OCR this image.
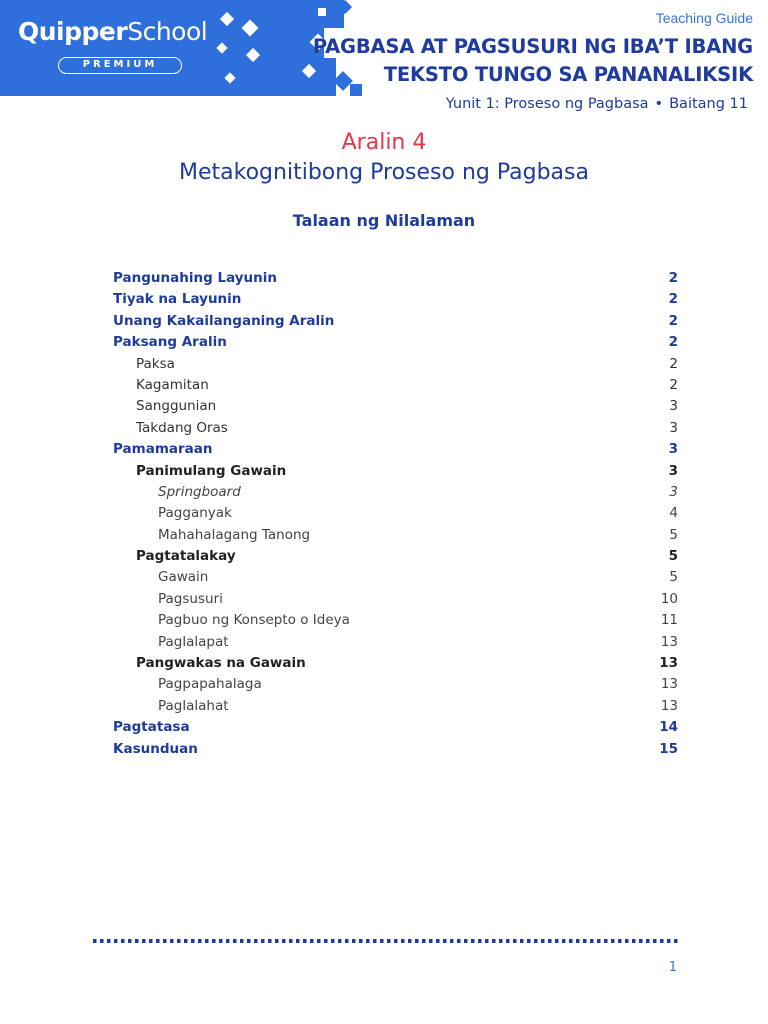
QuipperSchool
PREMIUM
Teaching Guide
PAGBASA AT PAGSUSURI NG IBA’T IBANG
TEKSTO TUNGO SA PANANALIKSIK
Yunit 1: Proseso ng Pagbasa • Baitang 11
Aralin 4
Metakognitibong Proseso ng Pagbasa
Talaan ng Nilalaman
Pangunahing Layunin	2
Tiyak na Layunin	2
Unang Kakailanganing Aralin	2
Paksang Aralin	2
Paksa	2
Kagamitan	2
Sanggunian	3
Takdang Oras	3
Pamamaraan	3
Panimulang Gawain	3
Springboard	3
Pagganyak	4
Mahahalagang Tanong	5
Pagtatalakay	5
Gawain	5
Pagsusuri	10
Pagbuo ng Konsepto o Ideya	11
Paglalapat	13
Pangwakas na Gawain	13
Pagpapahalaga	13
Paglalahat	13
Pagtatasa	14
Kasunduan	15
1
